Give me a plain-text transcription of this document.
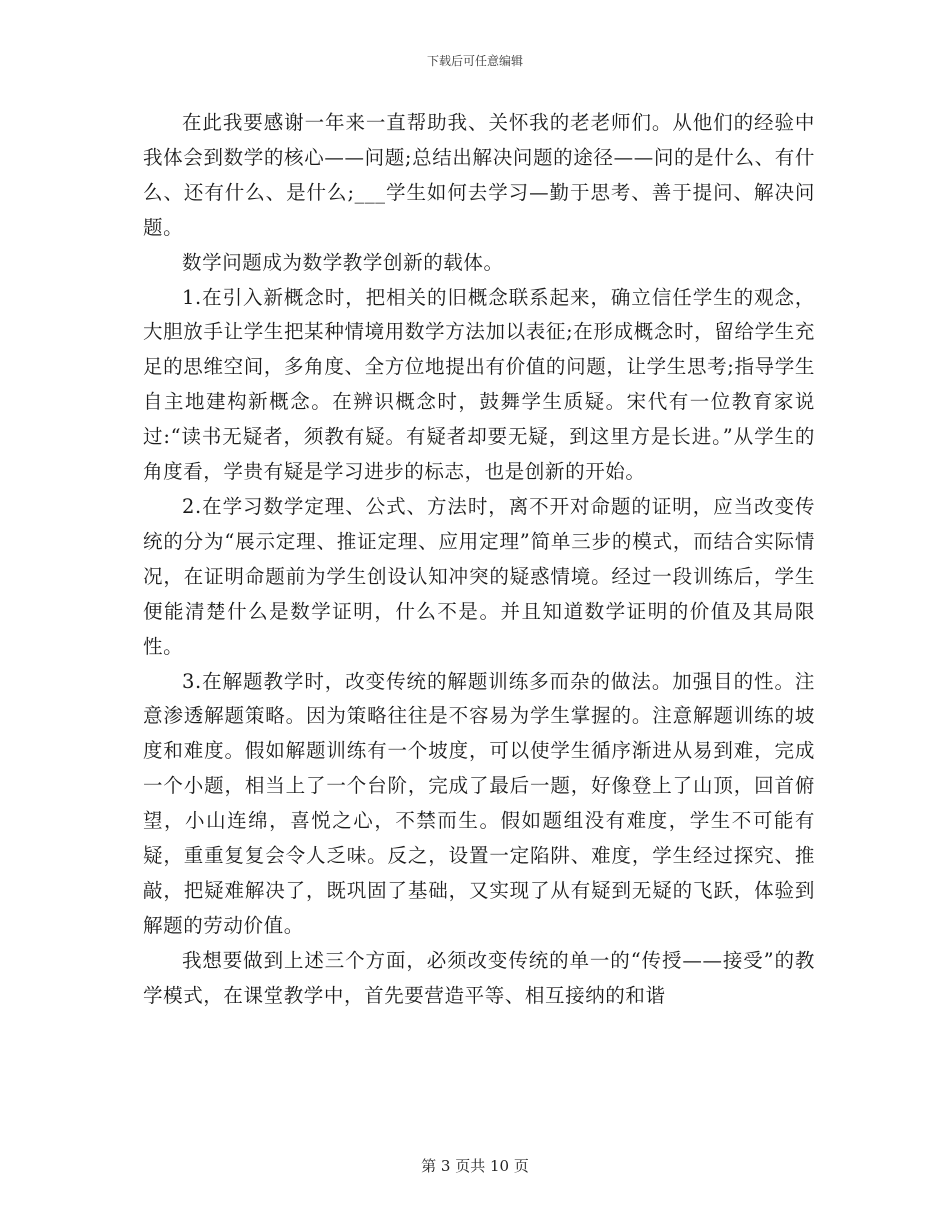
下载后可任意编辑

在此我要感谢一年来一直帮助我、关怀我的老老师们。从他们的经验中我体会到数学的核心——问题;总结出解决问题的途径——问的是什么、有什么、还有什么、是什么;___学生如何去学习—勤于思考、善于提问、解决问题。

数学问题成为数学教学创新的载体。

1.在引入新概念时，把相关的旧概念联系起来，确立信任学生的观念，大胆放手让学生把某种情境用数学方法加以表征;在形成概念时，留给学生充足的思维空间，多角度、全方位地提出有价值的问题，让学生思考;指导学生自主地建构新概念。在辨识概念时，鼓舞学生质疑。宋代有一位教育家说过:“读书无疑者，须教有疑。有疑者却要无疑，到这里方是长进。”从学生的角度看，学贵有疑是学习进步的标志，也是创新的开始。

2.在学习数学定理、公式、方法时，离不开对命题的证明，应当改变传统的分为“展示定理、推证定理、应用定理”简单三步的模式，而结合实际情况，在证明命题前为学生创设认知冲突的疑惑情境。经过一段训练后，学生便能清楚什么是数学证明，什么不是。并且知道数学证明的价值及其局限性。

3.在解题教学时，改变传统的解题训练多而杂的做法。加强目的性。注意渗透解题策略。因为策略往往是不容易为学生掌握的。注意解题训练的坡度和难度。假如解题训练有一个坡度，可以使学生循序渐进从易到难，完成一个小题，相当上了一个台阶，完成了最后一题，好像登上了山顶，回首俯望，小山连绵，喜悦之心，不禁而生。假如题组没有难度，学生不可能有疑，重重复复会令人乏味。反之，设置一定陷阱、难度，学生经过探究、推敲，把疑难解决了，既巩固了基础，又实现了从有疑到无疑的飞跃，体验到解题的劳动价值。

我想要做到上述三个方面，必须改变传统的单一的“传授——接受”的教学模式，在课堂教学中，首先要营造平等、相互接纳的和谐

第 3 页共 10 页
